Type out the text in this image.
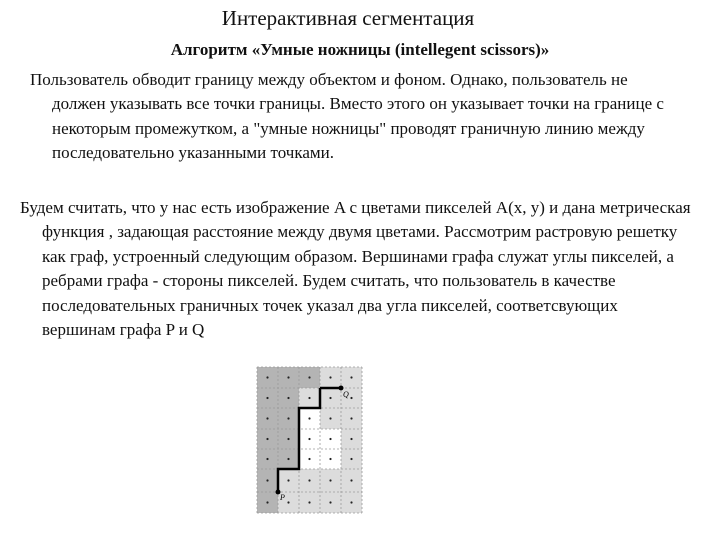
Интерактивная сегментация
Алгоритм «Умные ножницы (intellegent scissors)»

Пользователь обводит границу между объектом и фоном. Однако, пользователь не должен указывать все точки границы. Вместо этого он указывает точки на границе с некоторым промежутком, а "умные ножницы" проводят граничную линию между последовательно указанными точками.

Будем считать, что у нас есть изображение A с цветами пикселей A(x, y) и дана метрическая функция , задающая расстояние между двумя цветами. Рассмотрим растровую решетку как граф, устроенный следующим образом. Вершинами графа служат углы пикселей, а ребрами графа - стороны пикселей. Будем считать, что пользователь в качестве последовательных граничных точек указал два угла пикселей, соответсвующих вершинам графа P и Q

Q
P
